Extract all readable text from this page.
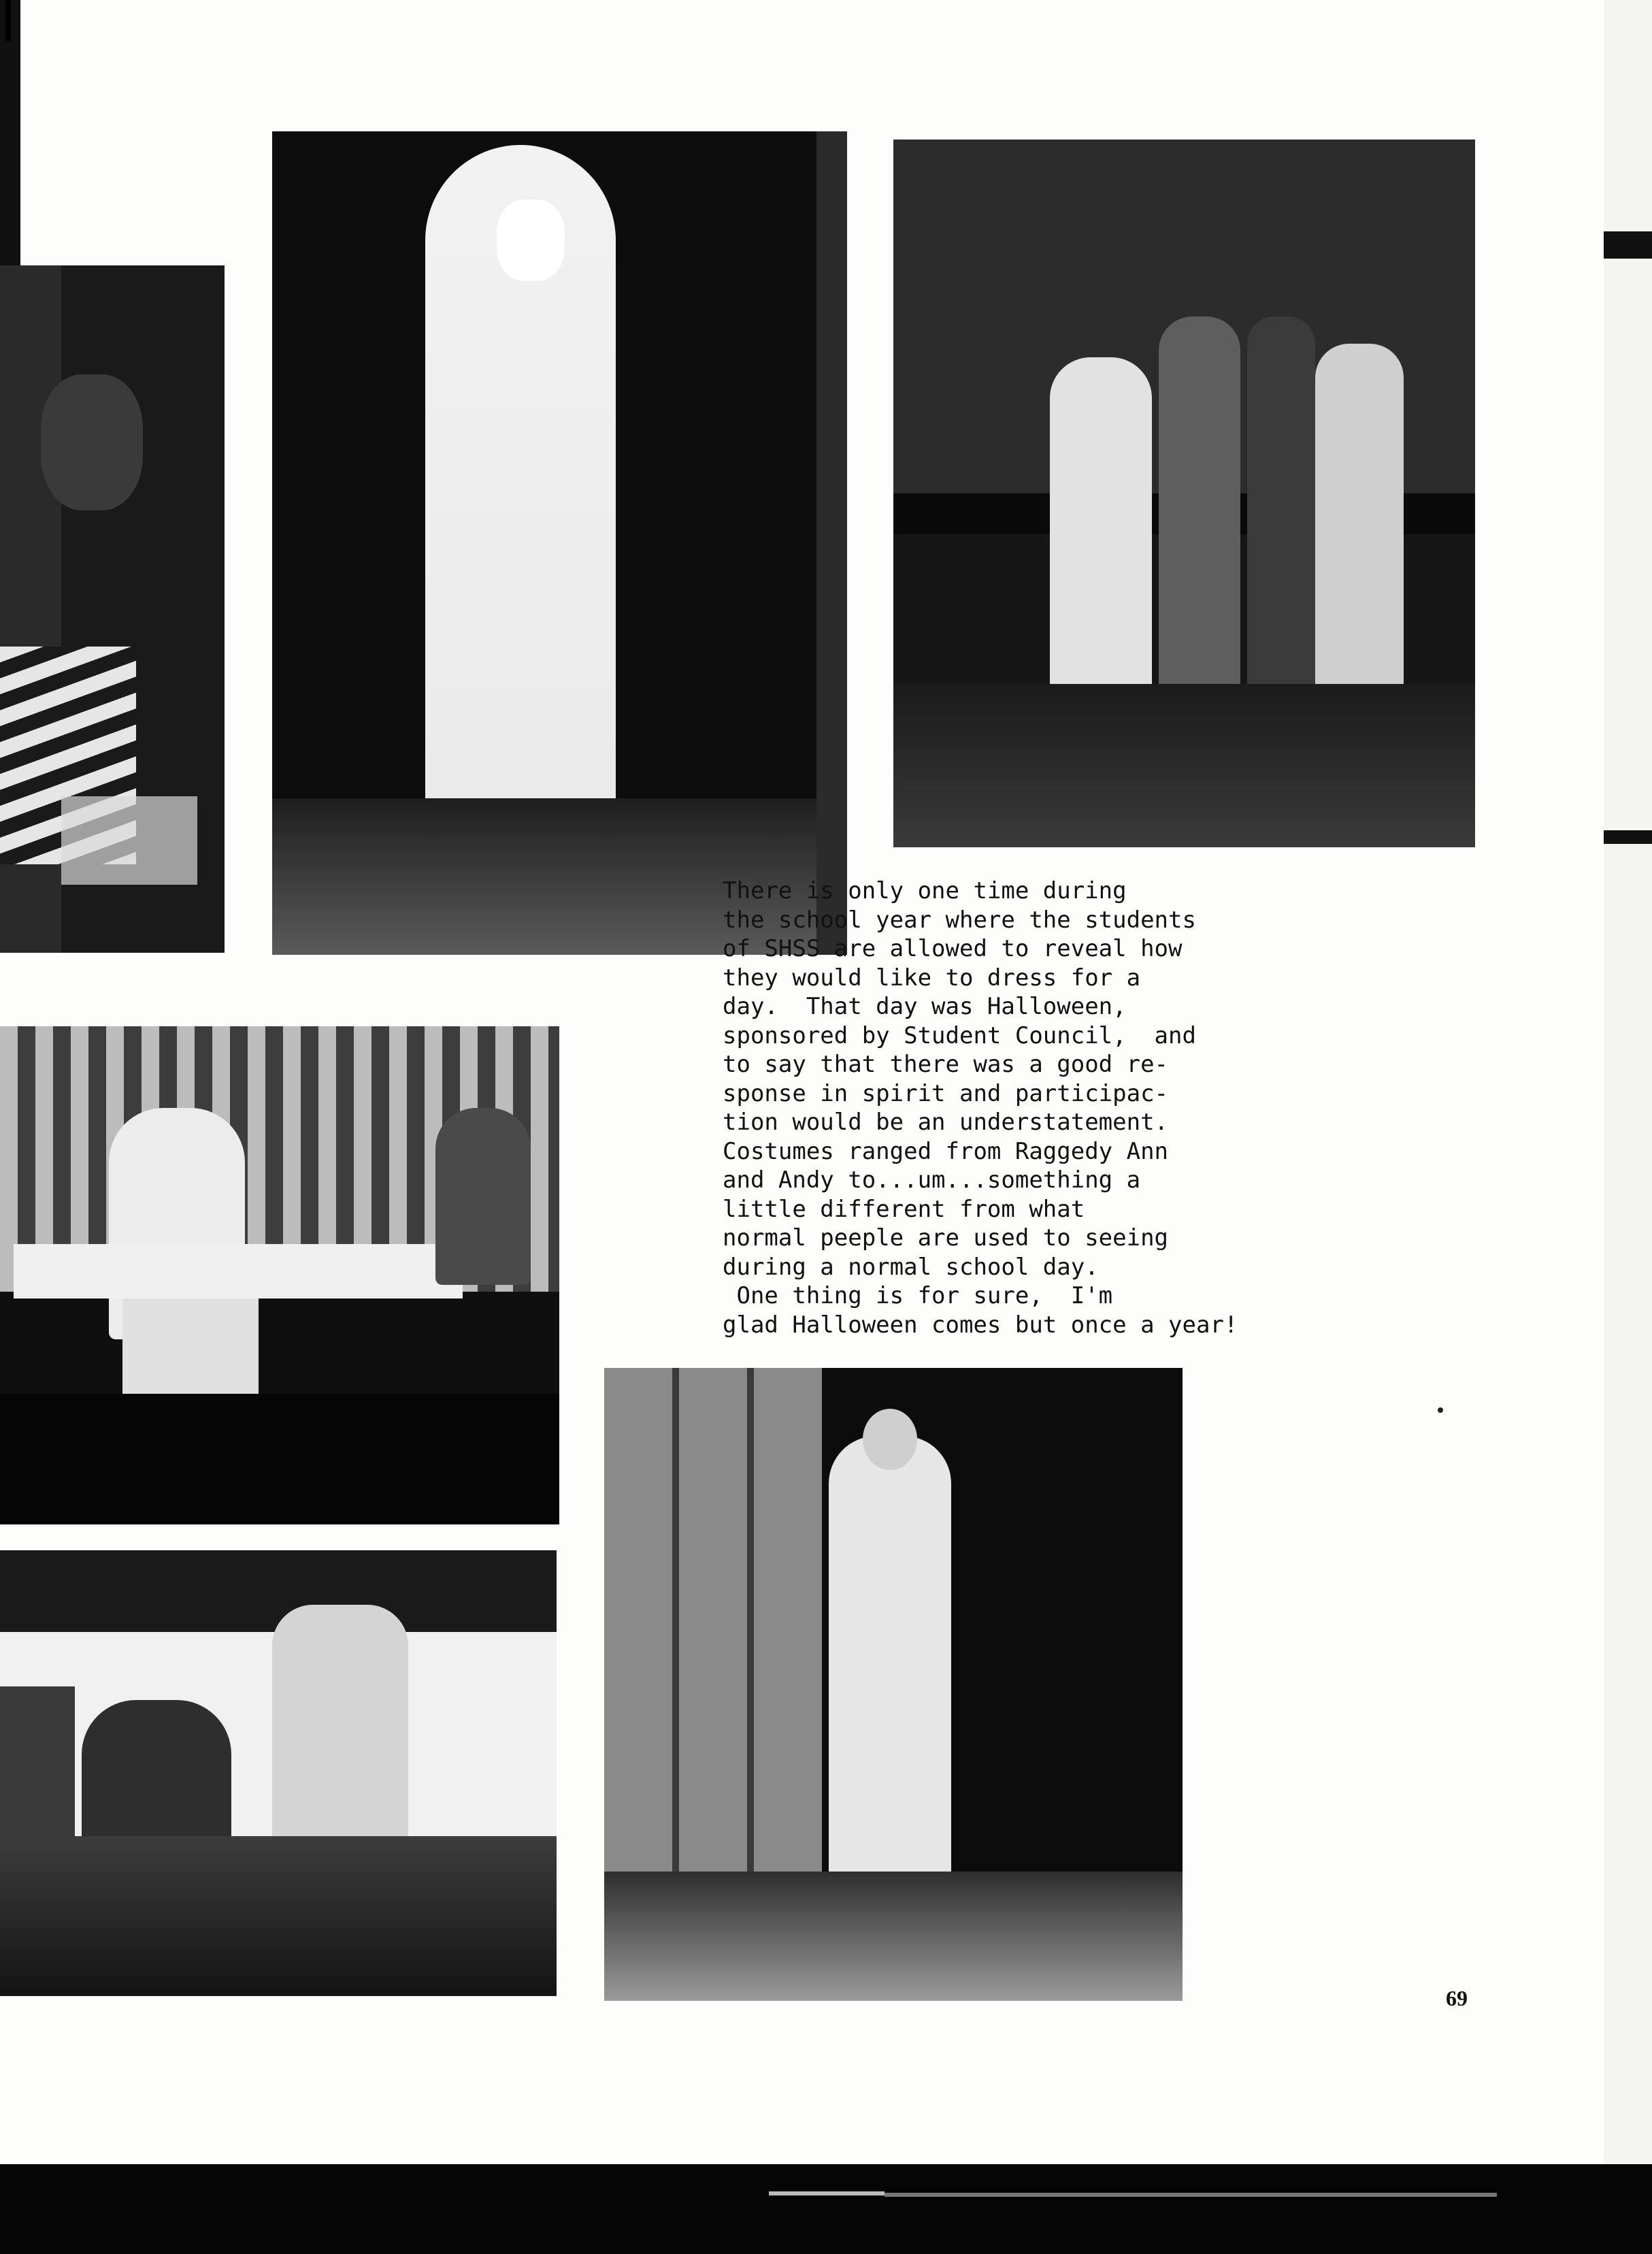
There is only one time during
the school year where the students
of SHSS are allowed to reveal how
they would like to dress for a
day.  That day was Halloween,
sponsored by Student Council,  and
to say that there was a good re-
sponse in spirit and participac-
tion would be an understatement.
Costumes ranged from Raggedy Ann
and Andy to...um...something a
little different from what
normal peeple are used to seeing
during a normal school day.
One thing is for sure,  I'm
glad Halloween comes but once a year!
69
